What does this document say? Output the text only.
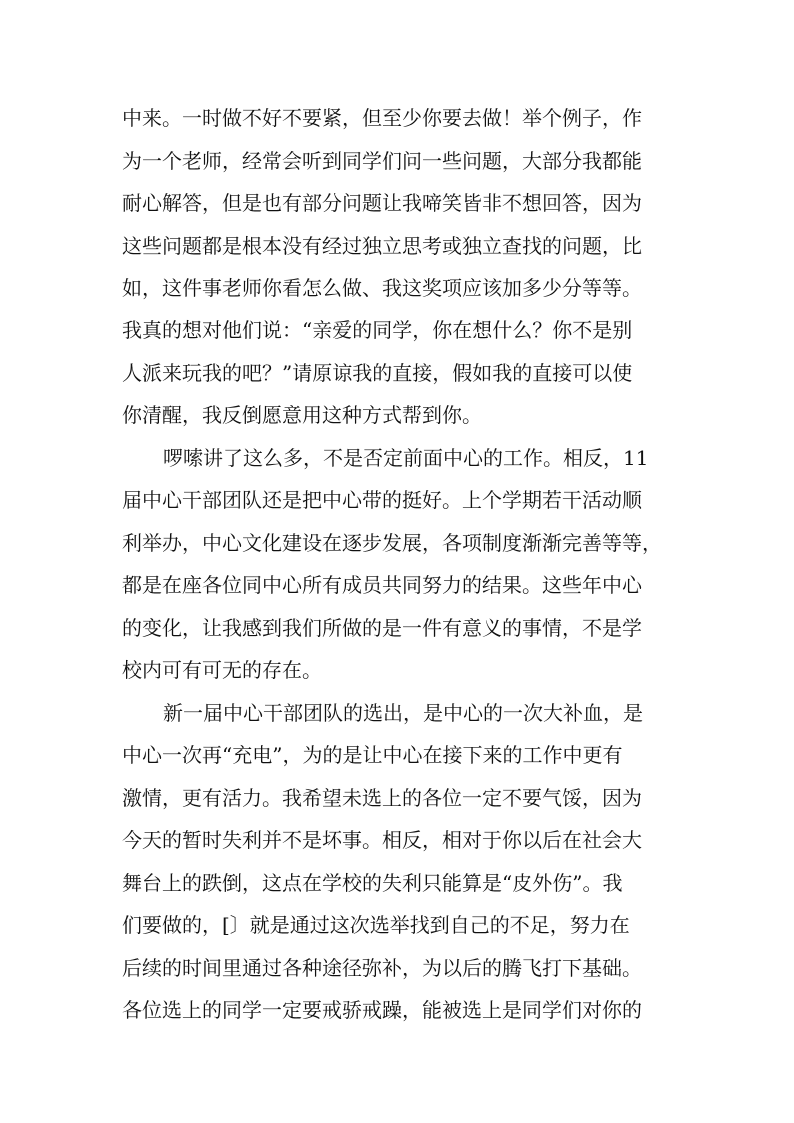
中来。一时做不好不要紧，但至少你要去做！举个例子，作
为一个老师，经常会听到同学们问一些问题，大部分我都能
耐心解答，但是也有部分问题让我啼笑皆非不想回答，因为
这些问题都是根本没有经过独立思考或独立查找的问题，比
如，这件事老师你看怎么做、我这奖项应该加多少分等等。
我真的想对他们说：“亲爱的同学，你在想什么？你不是别
人派来玩我的吧？”请原谅我的直接，假如我的直接可以使
你清醒，我反倒愿意用这种方式帮到你。
啰嗦讲了这么多，不是否定前面中心的工作。相反，11
届中心干部团队还是把中心带的挺好。上个学期若干活动顺
利举办，中心文化建设在逐步发展，各项制度渐渐完善等等，
都是在座各位同中心所有成员共同努力的结果。这些年中心
的变化，让我感到我们所做的是一件有意义的事情，不是学
校内可有可无的存在。
新一届中心干部团队的选出，是中心的一次大补血，是
中心一次再“充电”，为的是让中心在接下来的工作中更有
激情，更有活力。我希望未选上的各位一定不要气馁，因为
今天的暂时失利并不是坏事。相反，相对于你以后在社会大
舞台上的跌倒，这点在学校的失利只能算是“皮外伤”。我
们要做的，[〕就是通过这次选举找到自己的不足，努力在
后续的时间里通过各种途径弥补，为以后的腾飞打下基础。
各位选上的同学一定要戒骄戒躁，能被选上是同学们对你的
